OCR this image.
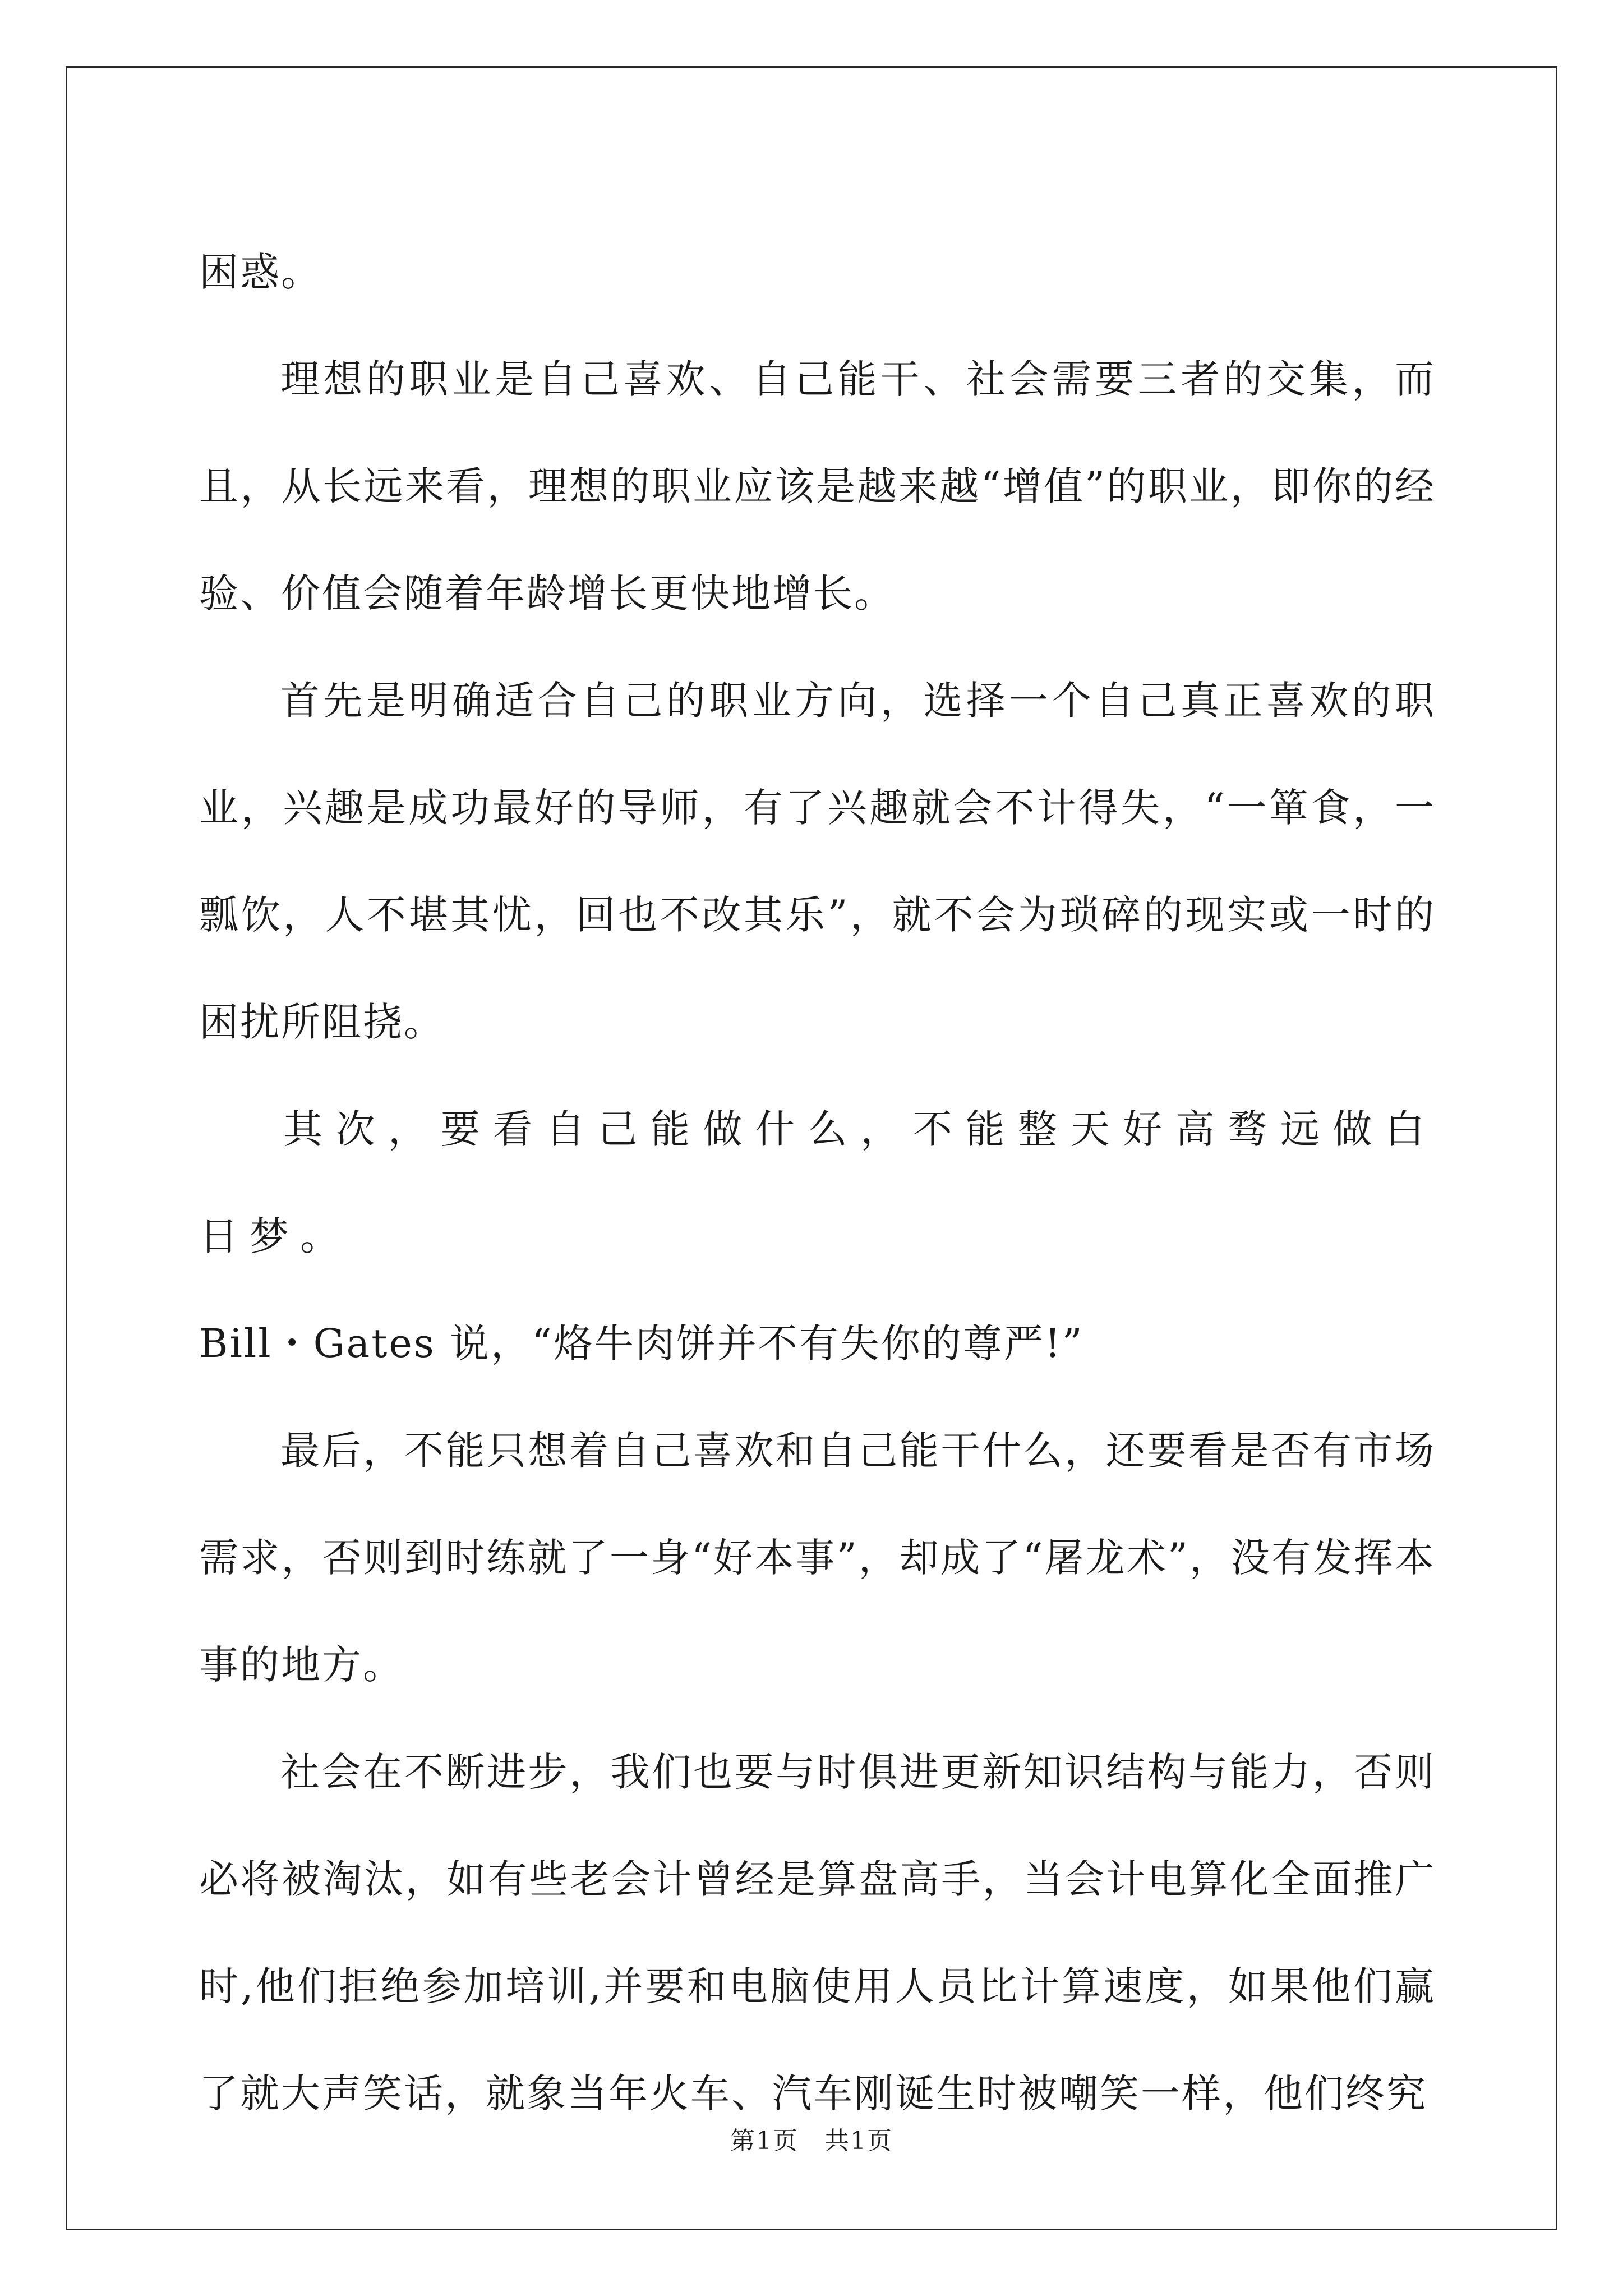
困惑。

理想的职业是自己喜欢、自己能干、社会需要三者的交集，而且，从长远来看，理想的职业应该是越来越“增值”的职业，即你的经验、价值会随着年龄增长更快地增长。

首先是明确适合自己的职业方向，选择一个自己真正喜欢的职业，兴趣是成功最好的导师，有了兴趣就会不计得失，“一箪食，一瓢饮，人不堪其忧，回也不改其乐”，就不会为琐碎的现实或一时的困扰所阻挠。

其次，要看自己能做什么，不能整天好高骛远做白日梦。

Bill・Gates 说，“烙牛肉饼并不有失你的尊严!”

最后，不能只想着自己喜欢和自己能干什么，还要看是否有市场需求，否则到时练就了一身“好本事”，却成了“屠龙术”，没有发挥本事的地方。

社会在不断进步，我们也要与时俱进更新知识结构与能力，否则必将被淘汰，如有些老会计曾经是算盘高手，当会计电算化全面推广时,他们拒绝参加培训,并要和电脑使用人员比计算速度，如果他们赢了就大声笑话，就象当年火车、汽车刚诞生时被嘲笑一样，他们终究

第1页　共1页
